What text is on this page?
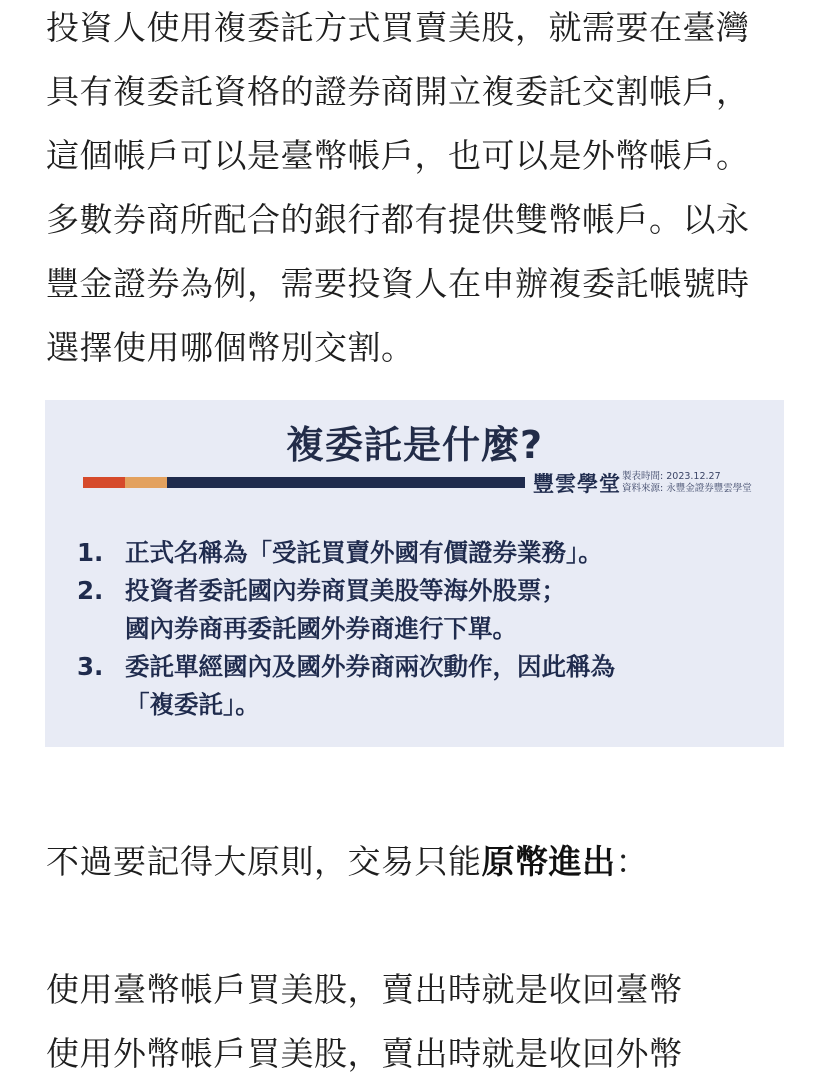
投資人使用複委託方式買賣美股，就需要在臺灣具有複委託資格的證券商開立複委託交割帳戶，這個帳戶可以是臺幣帳戶，也可以是外幣帳戶。多數券商所配合的銀行都有提供雙幣帳戶。以永豐金證券為例，需要投資人在申辦複委託帳號時選擇使用哪個幣別交割。

複委託是什麼?
豐雲學堂 製表時間: 2023.12.27
資料來源: 永豐金證券豐雲學堂
1. 正式名稱為「受託買賣外國有價證券業務」。
2. 投資者委託國內券商買美股等海外股票；
國內券商再委託國外券商進行下單。
3. 委託單經國內及國外券商兩次動作，因此稱為
「複委託」。

不過要記得大原則，交易只能原幣進出：

使用臺幣帳戶買美股，賣出時就是收回臺幣
使用外幣帳戶買美股，賣出時就是收回外幣
